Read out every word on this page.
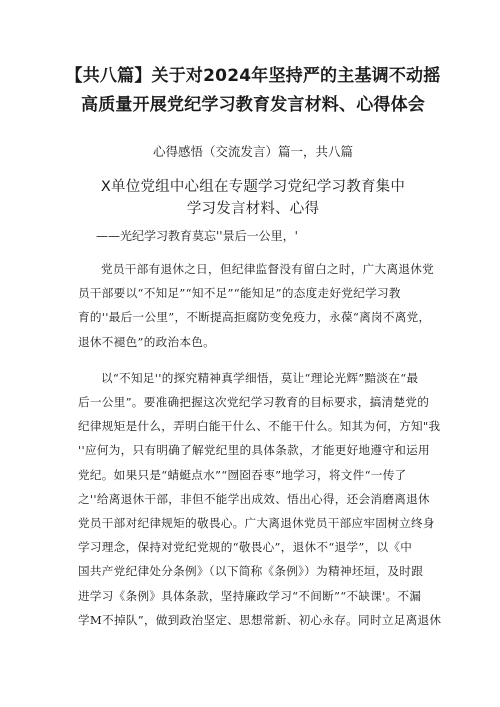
【共八篇】关于对2024年坚持严的主基调不动摇
高质量开展党纪学习教育发言材料、心得体会
心得感悟（交流发言）篇一，共八篇
X单位党组中心组在专题学习党纪学习教育集中
学习发言材料、心得
——光纪学习教育莫忘''景后一公里，'
党员干部有退休之日，但纪律监督没有留白之时，广大离退休党
员干部要以“不知足”“知不足”“能知足”的态度走好党纪学习教
育的''最后一公里”，不断提高拒腐防变免疫力，永葆“离岗不离党，
退休不褪色”的政治本色。
以“不知足''的探究精神真学细悟，莫让“理论光辉”黯淡在“最
后一公里”。要准确把握这次党纪学习教育的目标要求，搞清楚党的
纪律规矩是什么，弄明白能干什么、不能干什么。知其为何，方知"我
''应何为，只有明确了解党纪里的具体条款，才能更好地遵守和运用
党纪。如果只是“蜻蜓点水”“囫囵吞枣”地学习，将文件“一传了
之''给离退休干部，非但不能学出成效、悟出心得，还会消磨离退休
党员干部对纪律规矩的敬畏心。广大离退休党员干部应牢固树立终身
学习理念，保持对党纪党规的“敬畏心”，退休不“退学”，以《中
国共产党纪律处分条例》（以下简称《条例》）为精神坯垣，及时跟
进学习《条例》具体条款，坚持廉政学习“不间断”“不缺课'。不漏
学M不掉队”，做到政治坚定、思想常新、初心永存。同时立足离退休
